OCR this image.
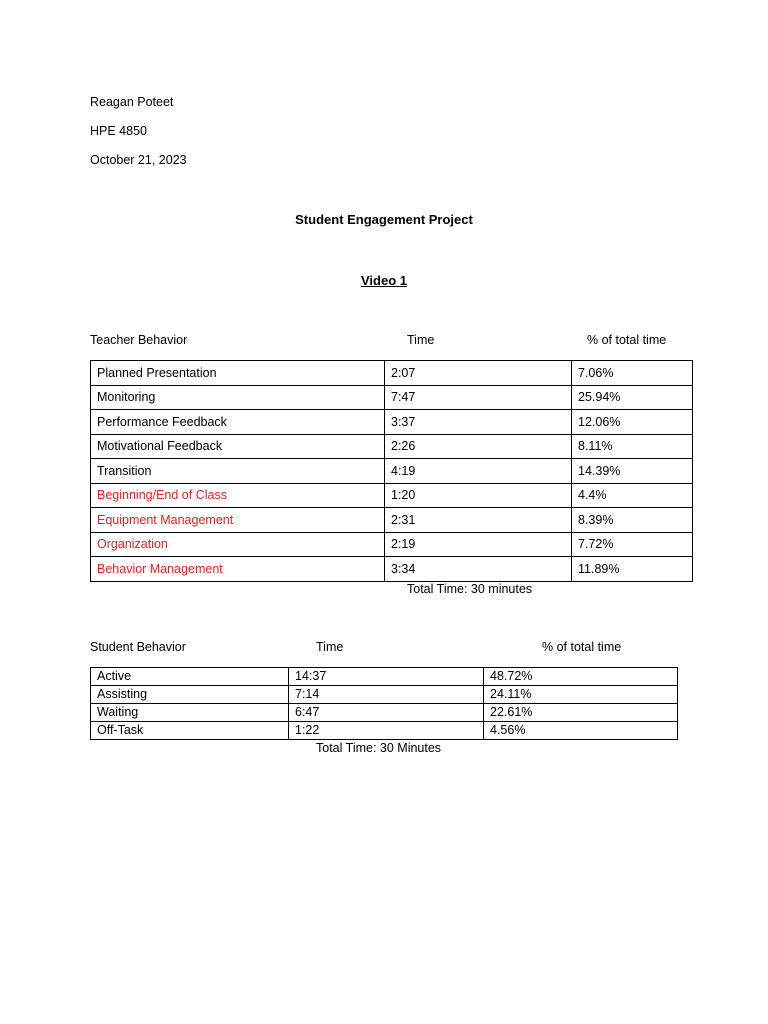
Reagan Poteet
HPE 4850
October 21, 2023
Student Engagement Project
Video 1
Teacher Behavior	Time	% of total time
Planned Presentation	2:07	7.06%
Monitoring	7:47	25.94%
Performance Feedback	3:37	12.06%
Motivational Feedback	2:26	8.11%
Transition	4:19	14.39%
Beginning/End of Class	1:20	4.4%
Equipment Management	2:31	8.39%
Organization	2:19	7.72%
Behavior Management	3:34	11.89%
Total Time: 30 minutes
Student Behavior	Time	% of total time
Active	14:37	48.72%
Assisting	7:14	24.11%
Waiting	6:47	22.61%
Off-Task	1:22	4.56%
Total Time: 30 Minutes
